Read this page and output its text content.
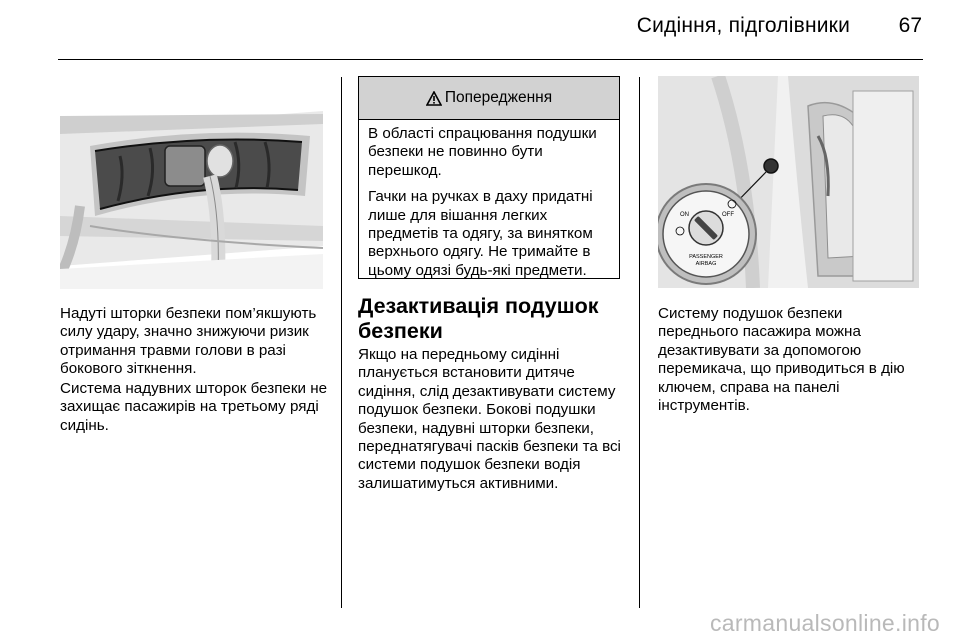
Сидіння, підголівники	67

Надуті шторки безпеки пом’якшують силу удару, значно знижуючи ризик отримання травми голови в разі бокового зіткнення.

Система надувних шторок безпеки не захищає пасажирів на третьому ряді сидінь.

Попередження

В області спрацювання подушки безпеки не повинно бути перешкод.

Гачки на ручках в даху придатні лише для вішання легких предметів та одягу, за винятком верхнього одягу. Не тримайте в цьому одязі будь-які предмети.

Дезактивація подушок безпеки

Якщо на передньому сидінні планується встановити дитяче сидіння, слід дезактивувати систему подушок безпеки. Бокові подушки безпеки, надувні шторки безпеки, переднатягувачі пасків безпеки та всі системи подушок безпеки водія залишатимуться активними.

ON	OFF
PASSENGER
AIRBAG

Систему подушок безпеки переднього пасажира можна дезактивувати за допомогою перемикача, що приводиться в дію ключем, справа на панелі інструментів.

carmanualsonline.info
